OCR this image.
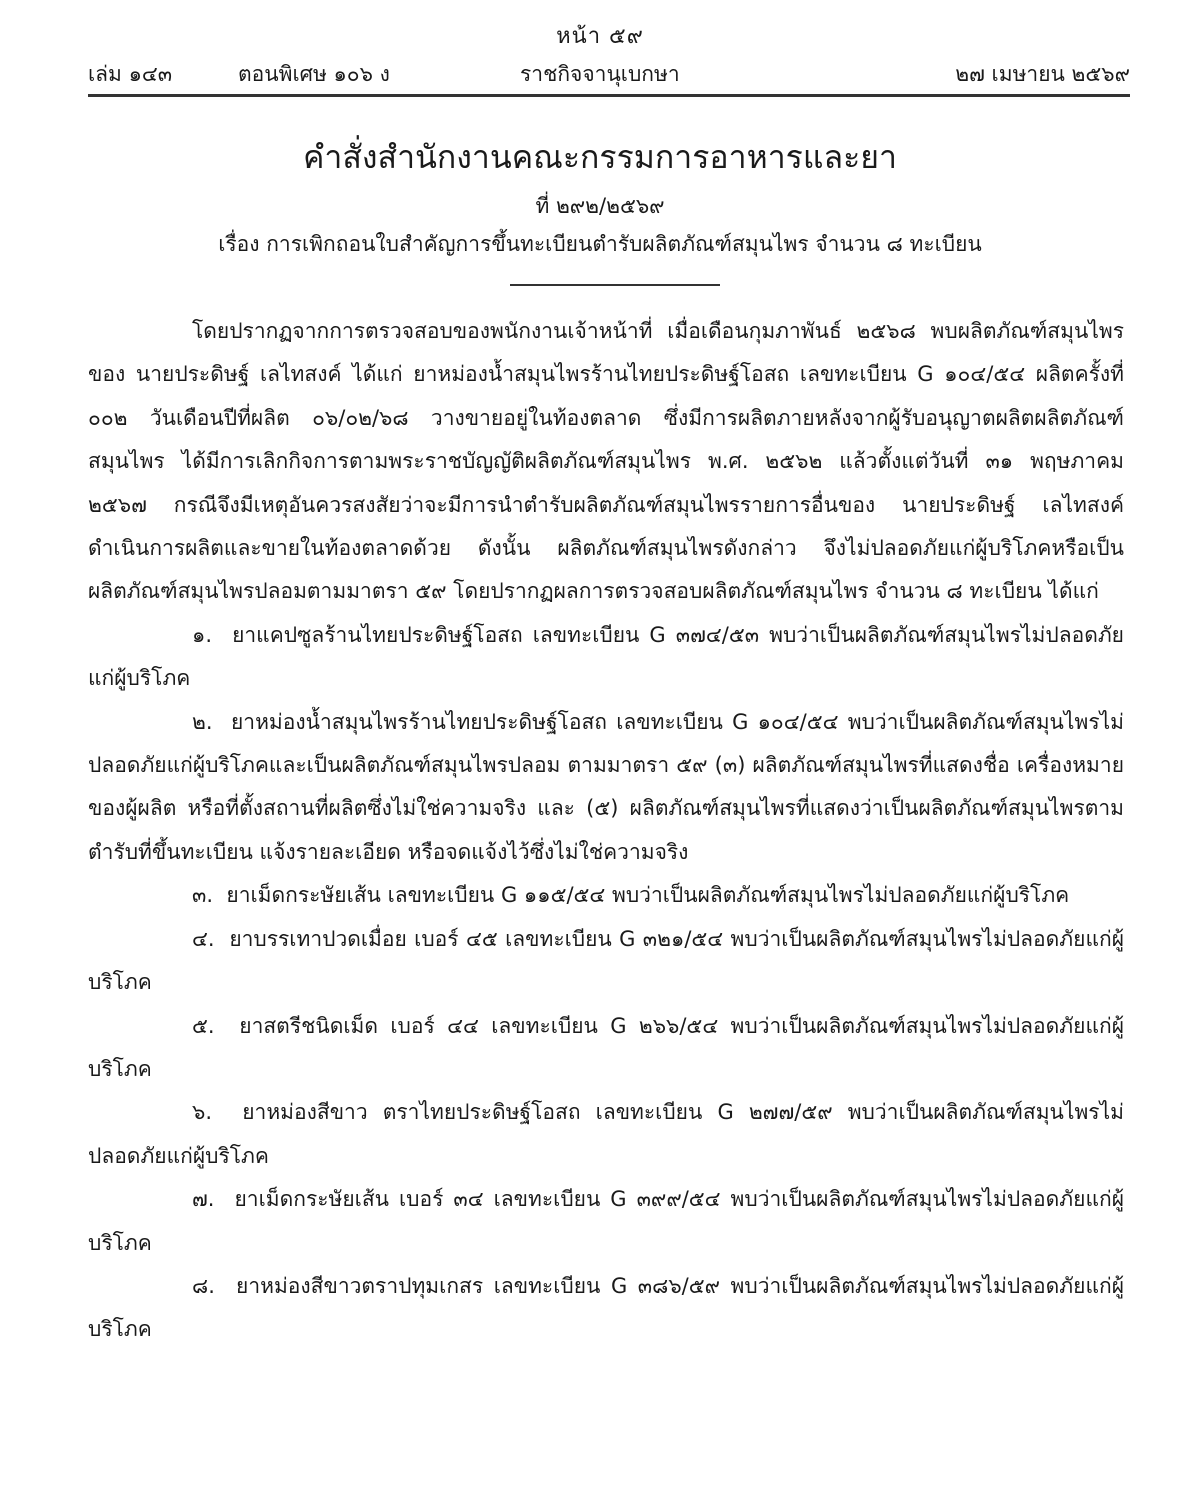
หน้า ๕๙
เล่ม ๑๔๓	ตอนพิเศษ ๑๐๖ ง	ราชกิจจานุเบกษา	๒๗ เมษายน ๒๕๖๙
คำสั่งสำนักงานคณะกรรมการอาหารและยา
ที่ ๒๙๒/๒๕๖๙
เรื่อง การเพิกถอนใบสำคัญการขึ้นทะเบียนตำรับผลิตภัณฑ์สมุนไพร จำนวน ๘ ทะเบียน

โดยปรากฏจากการตรวจสอบของพนักงานเจ้าหน้าที่ เมื่อเดือนกุมภาพันธ์ ๒๕๖๘ พบผลิตภัณฑ์สมุนไพรของ นายประดิษฐ์ เลไทสงค์ ได้แก่ ยาหม่องน้ำสมุนไพรร้านไทยประดิษฐ์โอสถ เลขทะเบียน G ๑๐๔/๕๔ ผลิตครั้งที่ ๐๐๒ วันเดือนปีที่ผลิต ๐๖/๐๒/๖๘ วางขายอยู่ในท้องตลาด ซึ่งมีการผลิตภายหลังจากผู้รับอนุญาตผลิตผลิตภัณฑ์สมุนไพร ได้มีการเลิกกิจการตามพระราชบัญญัติผลิตภัณฑ์สมุนไพร พ.ศ. ๒๕๖๒ แล้วตั้งแต่วันที่ ๓๑ พฤษภาคม ๒๕๖๗ กรณีจึงมีเหตุอันควรสงสัยว่าจะมีการนำตำรับผลิตภัณฑ์สมุนไพรรายการอื่นของ นายประดิษฐ์ เลไทสงค์ ดำเนินการผลิตและขายในท้องตลาดด้วย ดังนั้น ผลิตภัณฑ์สมุนไพรดังกล่าว จึงไม่ปลอดภัยแก่ผู้บริโภคหรือเป็นผลิตภัณฑ์สมุนไพรปลอมตามมาตรา ๕๙ โดยปรากฏผลการตรวจสอบผลิตภัณฑ์สมุนไพร จำนวน ๘ ทะเบียน ได้แก่

๑. ยาแคปซูลร้านไทยประดิษฐ์โอสถ เลขทะเบียน G ๓๗๔/๕๓ พบว่าเป็นผลิตภัณฑ์สมุนไพรไม่ปลอดภัยแก่ผู้บริโภค

๒. ยาหม่องน้ำสมุนไพรร้านไทยประดิษฐ์โอสถ เลขทะเบียน G ๑๐๔/๕๔ พบว่าเป็นผลิตภัณฑ์สมุนไพรไม่ปลอดภัยแก่ผู้บริโภคและเป็นผลิตภัณฑ์สมุนไพรปลอม ตามมาตรา ๕๙ (๓) ผลิตภัณฑ์สมุนไพรที่แสดงชื่อ เครื่องหมายของผู้ผลิต หรือที่ตั้งสถานที่ผลิตซึ่งไม่ใช่ความจริง และ (๕) ผลิตภัณฑ์สมุนไพรที่แสดงว่าเป็นผลิตภัณฑ์สมุนไพรตามตำรับที่ขึ้นทะเบียน แจ้งรายละเอียด หรือจดแจ้งไว้ซึ่งไม่ใช่ความจริง

๓. ยาเม็ดกระษัยเส้น เลขทะเบียน G ๑๑๕/๕๔ พบว่าเป็นผลิตภัณฑ์สมุนไพรไม่ปลอดภัยแก่ผู้บริโภค

๔. ยาบรรเทาปวดเมื่อย เบอร์ ๔๕ เลขทะเบียน G ๓๒๑/๕๔ พบว่าเป็นผลิตภัณฑ์สมุนไพรไม่ปลอดภัยแก่ผู้บริโภค

๕. ยาสตรีชนิดเม็ด เบอร์ ๔๔ เลขทะเบียน G ๒๖๖/๕๔ พบว่าเป็นผลิตภัณฑ์สมุนไพรไม่ปลอดภัยแก่ผู้บริโภค

๖. ยาหม่องสีขาว ตราไทยประดิษฐ์โอสถ เลขทะเบียน G ๒๗๗/๕๙ พบว่าเป็นผลิตภัณฑ์สมุนไพรไม่ปลอดภัยแก่ผู้บริโภค

๗. ยาเม็ดกระษัยเส้น เบอร์ ๓๔ เลขทะเบียน G ๓๙๙/๕๔ พบว่าเป็นผลิตภัณฑ์สมุนไพรไม่ปลอดภัยแก่ผู้บริโภค

๘. ยาหม่องสีขาวตราปทุมเกสร เลขทะเบียน G ๓๘๖/๕๙ พบว่าเป็นผลิตภัณฑ์สมุนไพรไม่ปลอดภัยแก่ผู้บริโภค
